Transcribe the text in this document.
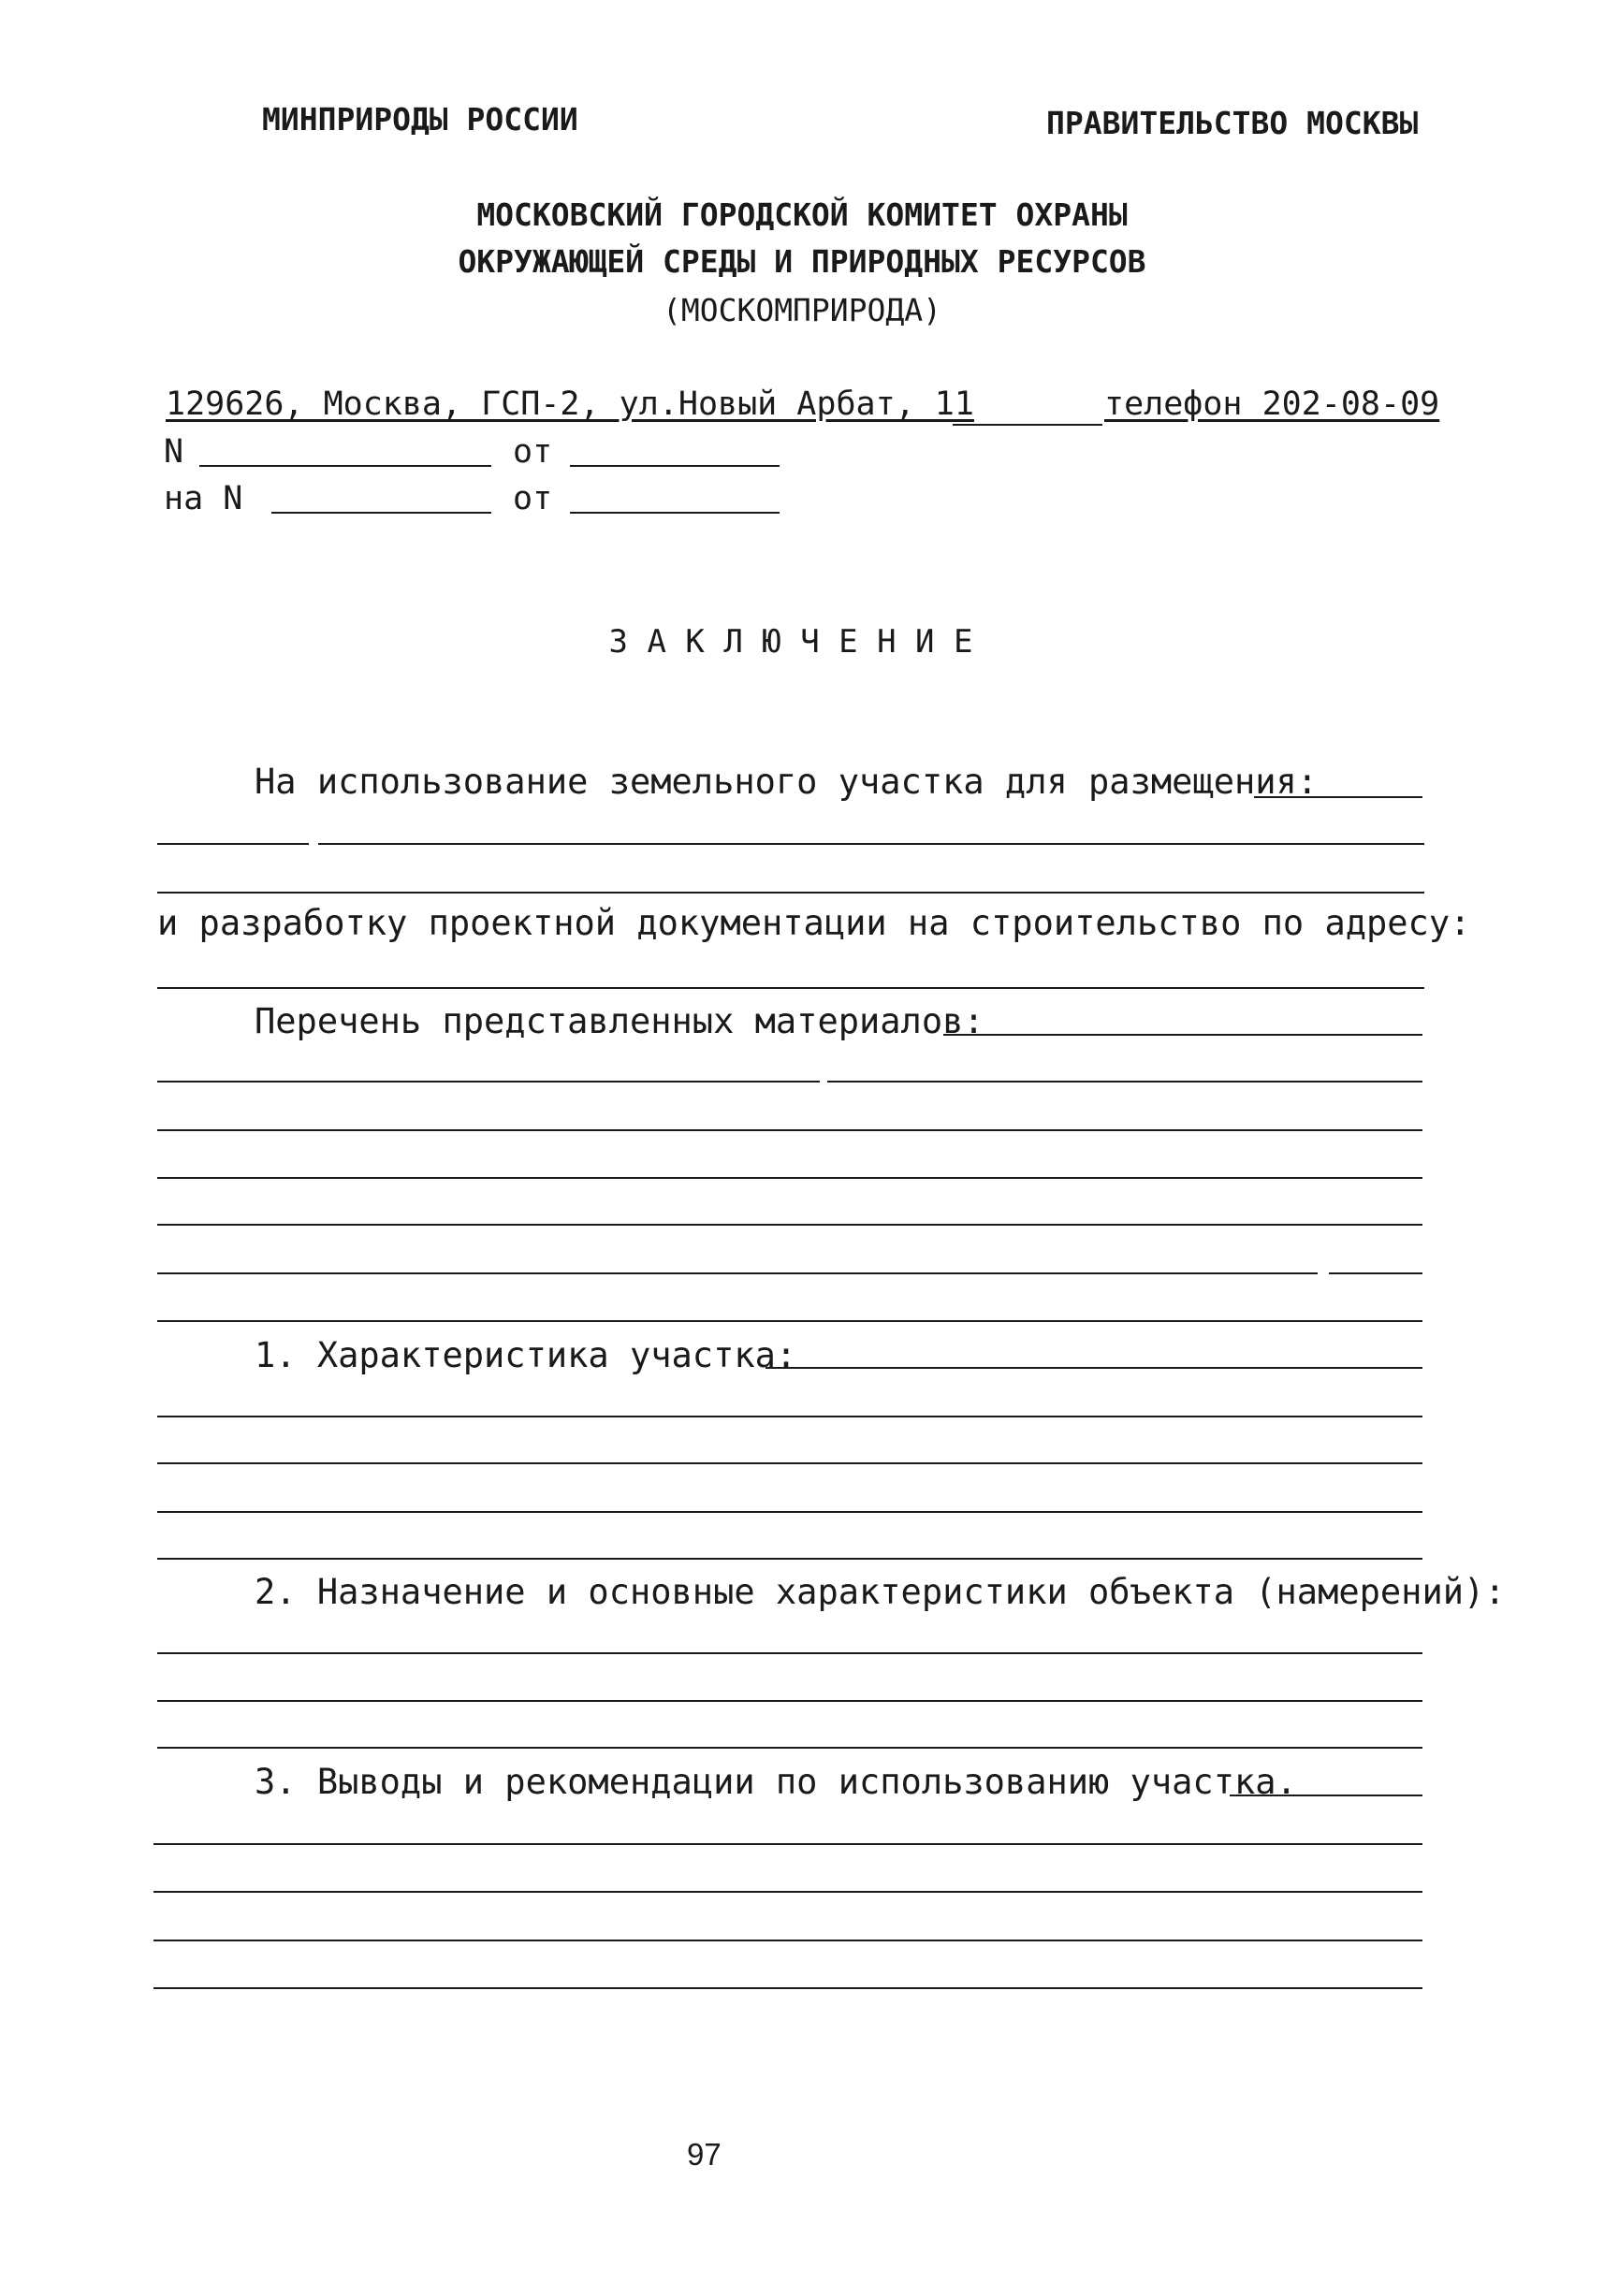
МИНПРИРОДЫ РОССИИ	ПРАВИТЕЛЬСТВО МОСКВЫ
МОСКОВСКИЙ ГОРОДСКОЙ КОМИТЕТ ОХРАНЫ
ОКРУЖАЮЩЕЙ СРЕДЫ И ПРИРОДНЫХ РЕСУРСОВ
(МОСКОМПРИРОДА)
129626, Москва, ГСП-2, ул.Новый Арбат, 11	телефон 202-08-09
N	от
на N	от
З А К Л Ю Ч Е Н И Е
На использование земельного участка для размещения:
и разработку проектной документации на строительство по адресу:
Перечень представленных материалов:
1. Характеристика участка:
2. Назначение и основные характеристики объекта (намерений):
3. Выводы и рекомендации по использованию участка.
97
